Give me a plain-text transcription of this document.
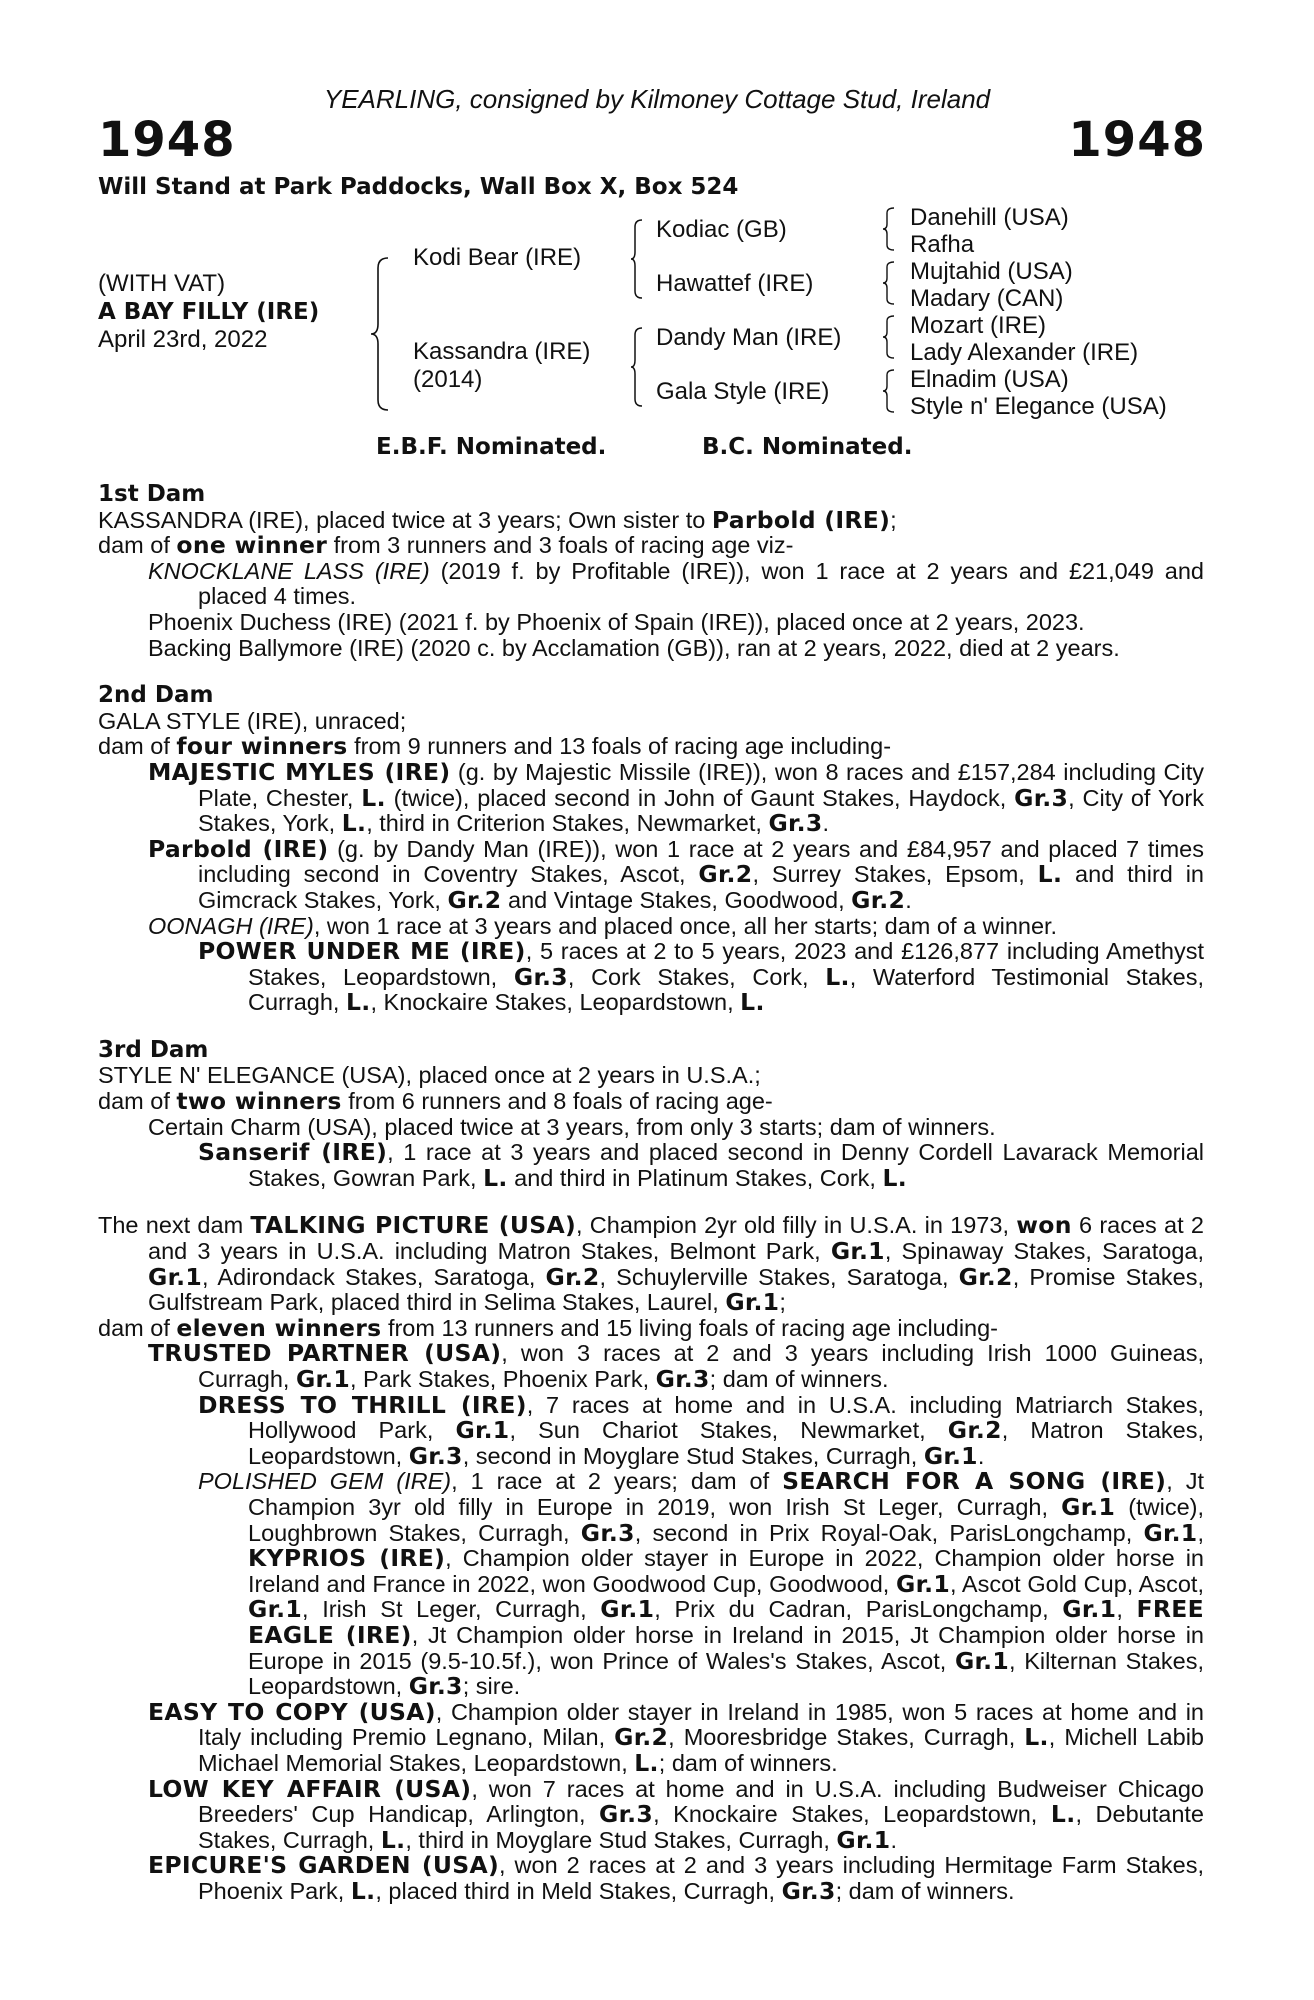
YEARLING, consigned by Kilmoney Cottage Stud, Ireland
1948	1948
Will Stand at Park Paddocks, Wall Box X, Box 524
(WITH VAT)
A BAY FILLY (IRE)
April 23rd, 2022
Kodi Bear (IRE)
Kassandra (IRE)
(2014)
Kodiac (GB)
Hawattef (IRE)
Dandy Man (IRE)
Gala Style (IRE)
Danehill (USA)
Rafha
Mujtahid (USA)
Madary (CAN)
Mozart (IRE)
Lady Alexander (IRE)
Elnadim (USA)
Style n' Elegance (USA)
E.B.F. Nominated.	B.C. Nominated.

1st Dam

KASSANDRA (IRE), placed twice at 3 years; Own sister to Parbold (IRE);

dam of one winner from 3 runners and 3 foals of racing age viz-

KNOCKLANE LASS (IRE) (2019 f. by Profitable (IRE)), won 1 race at 2 years and £21,049 and placed 4 times.

Phoenix Duchess (IRE) (2021 f. by Phoenix of Spain (IRE)), placed once at 2 years, 2023.

Backing Ballymore (IRE) (2020 c. by Acclamation (GB)), ran at 2 years, 2022, died at 2 years.

2nd Dam

GALA STYLE (IRE), unraced;

dam of four winners from 9 runners and 13 foals of racing age including-

MAJESTIC MYLES (IRE) (g. by Majestic Missile (IRE)), won 8 races and £157,284 including City Plate, Chester, L. (twice), placed second in John of Gaunt Stakes, Haydock, Gr.3, City of York Stakes, York, L., third in Criterion Stakes, Newmarket, Gr.3.

Parbold (IRE) (g. by Dandy Man (IRE)), won 1 race at 2 years and £84,957 and placed 7 times including second in Coventry Stakes, Ascot, Gr.2, Surrey Stakes, Epsom, L. and third in Gimcrack Stakes, York, Gr.2 and Vintage Stakes, Goodwood, Gr.2.

OONAGH (IRE), won 1 race at 3 years and placed once, all her starts; dam of a winner.

POWER UNDER ME (IRE), 5 races at 2 to 5 years, 2023 and £126,877 including Amethyst Stakes, Leopardstown, Gr.3, Cork Stakes, Cork, L., Waterford Testimonial Stakes, Curragh, L., Knockaire Stakes, Leopardstown, L.

3rd Dam

STYLE N' ELEGANCE (USA), placed once at 2 years in U.S.A.;

dam of two winners from 6 runners and 8 foals of racing age-

Certain Charm (USA), placed twice at 3 years, from only 3 starts; dam of winners.

Sanserif (IRE), 1 race at 3 years and placed second in Denny Cordell Lavarack Memorial Stakes, Gowran Park, L. and third in Platinum Stakes, Cork, L.

The next dam TALKING PICTURE (USA), Champion 2yr old filly in U.S.A. in 1973, won 6 races at 2 and 3 years in U.S.A. including Matron Stakes, Belmont Park, Gr.1, Spinaway Stakes, Saratoga, Gr.1, Adirondack Stakes, Saratoga, Gr.2, Schuylerville Stakes, Saratoga, Gr.2, Promise Stakes, Gulfstream Park, placed third in Selima Stakes, Laurel, Gr.1;

dam of eleven winners from 13 runners and 15 living foals of racing age including-

TRUSTED PARTNER (USA), won 3 races at 2 and 3 years including Irish 1000 Guineas, Curragh, Gr.1, Park Stakes, Phoenix Park, Gr.3; dam of winners.

DRESS TO THRILL (IRE), 7 races at home and in U.S.A. including Matriarch Stakes, Hollywood Park, Gr.1, Sun Chariot Stakes, Newmarket, Gr.2, Matron Stakes, Leopardstown, Gr.3, second in Moyglare Stud Stakes, Curragh, Gr.1.

POLISHED GEM (IRE), 1 race at 2 years; dam of SEARCH FOR A SONG (IRE), Jt Champion 3yr old filly in Europe in 2019, won Irish St Leger, Curragh, Gr.1 (twice), Loughbrown Stakes, Curragh, Gr.3, second in Prix Royal-Oak, ParisLongchamp, Gr.1, KYPRIOS (IRE), Champion older stayer in Europe in 2022, Champion older horse in Ireland and France in 2022, won Goodwood Cup, Goodwood, Gr.1, Ascot Gold Cup, Ascot, Gr.1, Irish St Leger, Curragh, Gr.1, Prix du Cadran, ParisLongchamp, Gr.1, FREE EAGLE (IRE), Jt Champion older horse in Ireland in 2015, Jt Champion older horse in Europe in 2015 (9.5-10.5f.), won Prince of Wales's Stakes, Ascot, Gr.1, Kilternan Stakes, Leopardstown, Gr.3; sire.

EASY TO COPY (USA), Champion older stayer in Ireland in 1985, won 5 races at home and in Italy including Premio Legnano, Milan, Gr.2, Mooresbridge Stakes, Curragh, L., Michell Labib Michael Memorial Stakes, Leopardstown, L.; dam of winners.

LOW KEY AFFAIR (USA), won 7 races at home and in U.S.A. including Budweiser Chicago Breeders' Cup Handicap, Arlington, Gr.3, Knockaire Stakes, Leopardstown, L., Debutante Stakes, Curragh, L., third in Moyglare Stud Stakes, Curragh, Gr.1.

EPICURE'S GARDEN (USA), won 2 races at 2 and 3 years including Hermitage Farm Stakes, Phoenix Park, L., placed third in Meld Stakes, Curragh, Gr.3; dam of winners.
